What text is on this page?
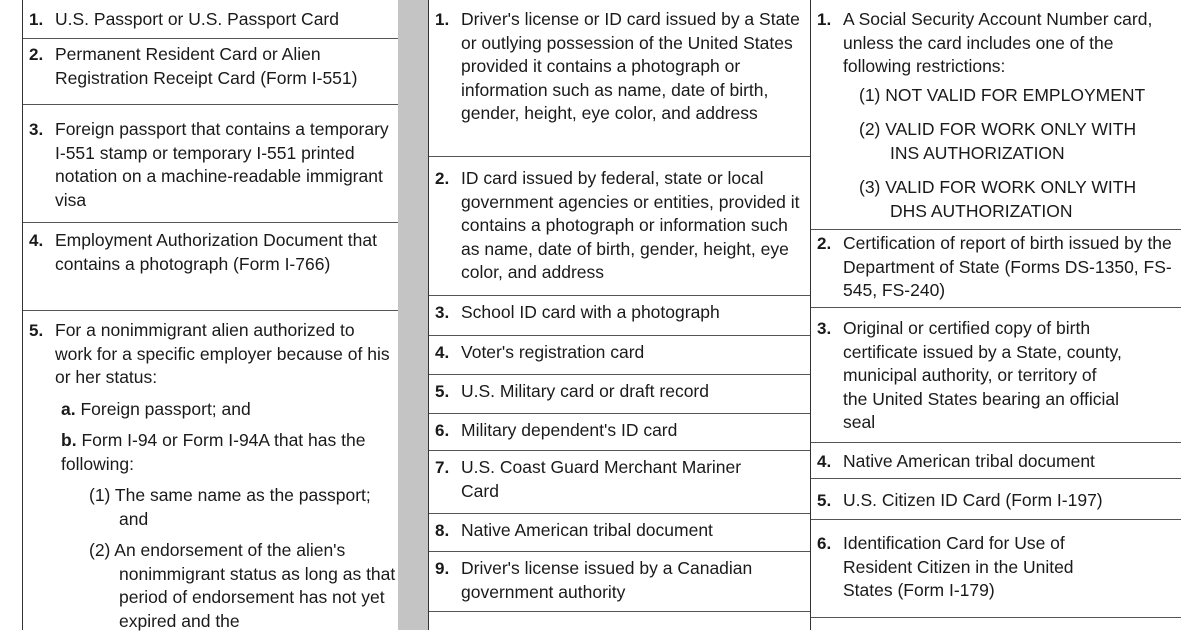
1. U.S. Passport or U.S. Passport Card
2. Permanent Resident Card or Alien Registration Receipt Card (Form I-551)
3. Foreign passport that contains a temporary I-551 stamp or temporary I-551 printed notation on a machine-readable immigrant visa
4. Employment Authorization Document that contains a photograph (Form I-766)
5. For a nonimmigrant alien authorized to work for a specific employer because of his or her status:
a. Foreign passport; and
b. Form I-94 or Form I-94A that has the following:
(1) The same name as the passport; and
(2) An endorsement of the alien's nonimmigrant status as long as that period of endorsement has not yet expired and the
1. Driver's license or ID card issued by a State or outlying possession of the United States provided it contains a photograph or information such as name, date of birth, gender, height, eye color, and address
2. ID card issued by federal, state or local government agencies or entities, provided it contains a photograph or information such as name, date of birth, gender, height, eye color, and address
3. School ID card with a photograph
4. Voter's registration card
5. U.S. Military card or draft record
6. Military dependent's ID card
7. U.S. Coast Guard Merchant Mariner Card
8. Native American tribal document
9. Driver's license issued by a Canadian government authority
1. A Social Security Account Number card, unless the card includes one of the following restrictions:
(1) NOT VALID FOR EMPLOYMENT
(2) VALID FOR WORK ONLY WITH INS AUTHORIZATION
(3) VALID FOR WORK ONLY WITH DHS AUTHORIZATION
2. Certification of report of birth issued by the Department of State (Forms DS-1350, FS-545, FS-240)
3. Original or certified copy of birth certificate issued by a State, county, municipal authority, or territory of the United States bearing an official seal
4. Native American tribal document
5. U.S. Citizen ID Card (Form I-197)
6. Identification Card for Use of Resident Citizen in the United States (Form I-179)
